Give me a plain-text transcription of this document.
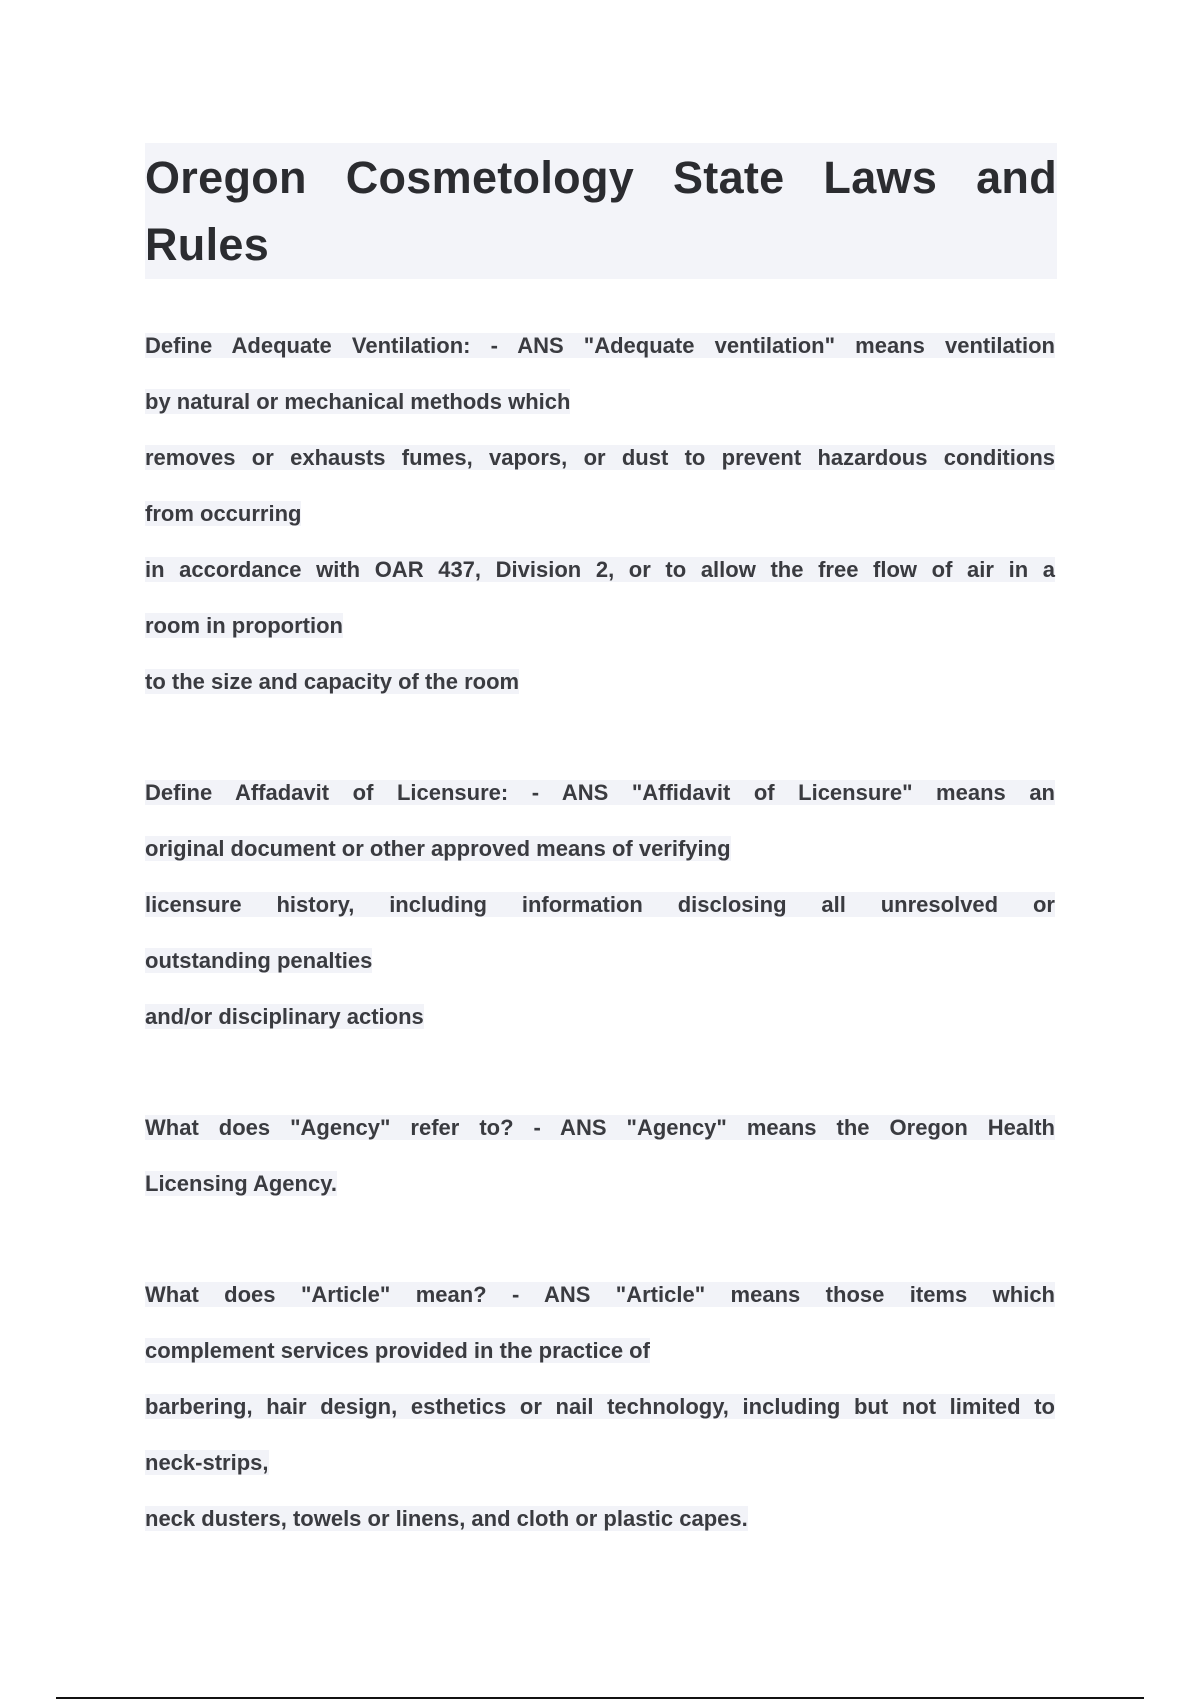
Oregon Cosmetology State Laws and Rules
Define Adequate Ventilation: - ANS "Adequate ventilation" means ventilation
by natural or mechanical methods which
removes or exhausts fumes, vapors, or dust to prevent hazardous conditions
from occurring
in accordance with OAR 437, Division 2, or to allow the free flow of air in a
room in proportion
to the size and capacity of the room
Define Affadavit of Licensure: - ANS "Affidavit of Licensure" means an
original document or other approved means of verifying
licensure history, including information disclosing all unresolved or
outstanding penalties
and/or disciplinary actions
What does "Agency" refer to? - ANS "Agency" means the Oregon Health
Licensing Agency.
What does "Article" mean? - ANS "Article" means those items which
complement services provided in the practice of
barbering, hair design, esthetics or nail technology, including but not limited to
neck-strips,
neck dusters, towels or linens, and cloth or plastic capes.
